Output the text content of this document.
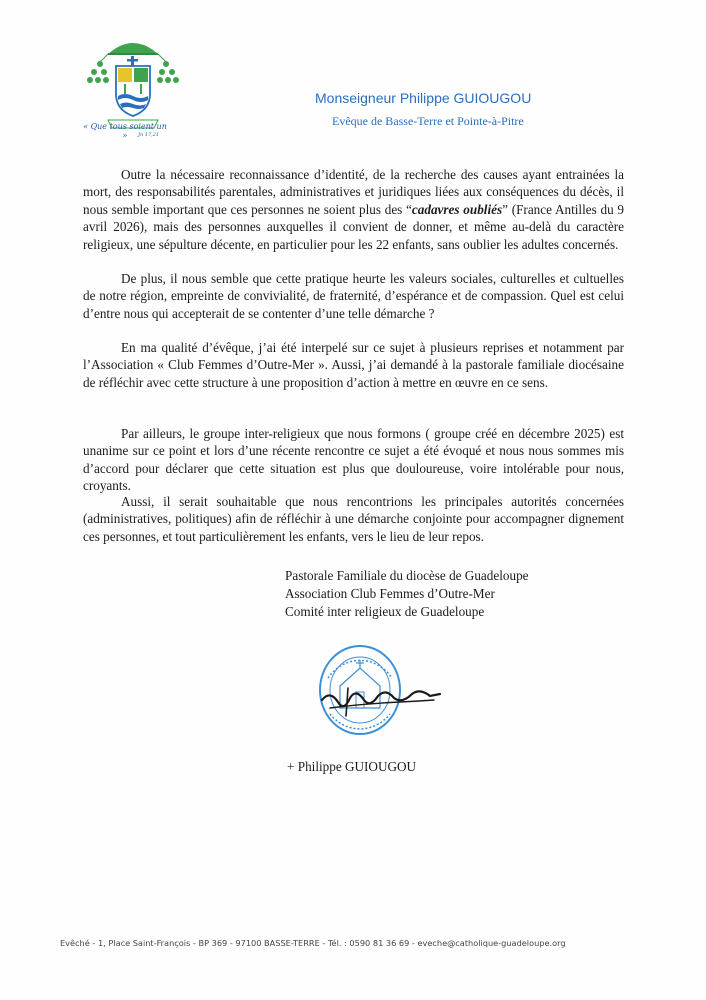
« Que tous soient un »	Jn 17,21
Monseigneur Philippe GUIOUGOU
Evêque de Basse-Terre et Pointe-à-Pitre

Outre la nécessaire reconnaissance d’identité, de la recherche des causes ayant entrainées la mort, des responsabilités parentales, administratives et juridiques liées aux conséquences du décès, il nous semble important que ces personnes ne soient plus des “cadavres oubliés” (France Antilles du 9 avril 2026), mais des personnes auxquelles il convient de donner, et même au-delà du caractère religieux, une sépulture décente, en particulier pour les 22 enfants, sans oublier les adultes concernés.

De plus, il nous semble que cette pratique heurte les valeurs sociales, culturelles et cultuelles de notre région, empreinte de convivialité, de fraternité, d’espérance et de compassion. Quel est celui d’entre nous qui accepterait de se contenter d’une telle démarche ?

En ma qualité d’évêque, j’ai été interpelé sur ce sujet à plusieurs reprises et notamment par l’Association « Club Femmes d’Outre-Mer ». Aussi, j’ai demandé à la pastorale familiale diocésaine de réfléchir avec cette structure à une proposition d’action à mettre en œuvre en ce sens.

Par ailleurs, le groupe inter-religieux que nous formons ( groupe créé en décembre 2025) est unanime sur ce point et lors d’une récente rencontre ce sujet a été évoqué et nous nous sommes mis d’accord pour déclarer que cette situation est plus que douloureuse, voire intolérable pour nous, croyants.

Aussi, il serait souhaitable que nous rencontrions les principales autorités concernées (administratives, politiques) afin de réfléchir à une démarche conjointe pour accompagner dignement ces personnes, et tout particulièrement les enfants, vers le lieu de leur repos.

Pastorale Familiale du diocèse de Guadeloupe
Association Club Femmes d’Outre-Mer
Comité inter religieux de Guadeloupe
+ Philippe GUIOUGOU
Evêché - 1, Place Saint-François - BP 369 - 97100 BASSE-TERRE - Tél. : 0590 81 36 69 - eveche@catholique-guadeloupe.org
